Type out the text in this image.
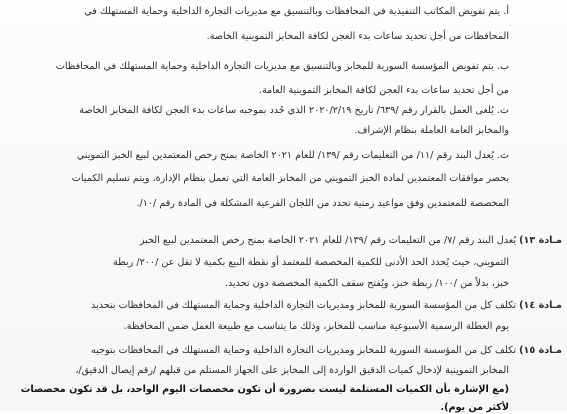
أ. يتم تفويض المكاتب التنفيذية في المحافظات وبالتنسيق مع مديريات التجارة الداخلية وحماية المستهلك في
المحافظات من أجل تحديد ساعات بدء العجن لكافة المخابز التموينية الخاصة.
ب. يتم تفويض المؤسسة السورية للمخابز وبالتنسيق مع مديريات التجارة الداخلية وحماية المستهلك في المحافظات
من أجل تحديد ساعات بدء العجن لكافة المخابز التموينية العامة.
ت. يُلغى العمل بالقرار رقم /٦٣٩/ تاريخ ٢٠٢٠/٢/١٩ الذي حُدد بموجبه ساعات بدء العجن لكافة المخابز الخاصة
والمخابز العامة العاملة بنظام الإشراف.
ث. يُعدل البند رقم /١١/ من التعليمات رقم /١٣٩/ للعام ٢٠٢١ الخاصة بمنح رخص المعتمدين لبيع الخبز التمويني
بحصر موافقات المعتمدين لمادة الخبز التمويني من المخابز العامة التي تعمل بنظام الإدارة، ويتم تسليم الكميات
المخصصة للمعتمدين وفق مواعيد زمنية تحدد من اللجان الفرعية المشكلة في المادة رقم /١٠/.
مـادة ١٣) يُعدل البند رقم /٧/ من التعليمات رقم /١٣٩/ للعام ٢٠٢١ الخاصة بمنح رخص المعتمدين لبيع الخبز
التمويني، حيث يُحدد الحد الأدنى للكمية المخصصة للمعتمد أو نقطة البيع بكمية لا تقل عن /٢٠٠/ ربطة
خبز، بدلاً من /١٠٠/ ربطة خبز، ويُفتح سقف الكمية المخصصة دون تحديد.
مـادة ١٤) تكلف كل من المؤسسة السورية للمخابز ومديريات التجارة الداخلية وحماية المستهلك في المحافظات بتحديد
يوم العطلة الرسمية الأسبوعية مناسب للمخابز، وذلك ما يتناسب مع طبيعة العمل ضمن المحافظة.
مـادة ١٥) تكلف كل من المؤسسة السورية للمخابز ومديريات التجارة الداخلية وحماية المستهلك في المحافظات بتوجيه
المخابز التموينية لإدخال كميات الدقيق الواردة إلى المخابز على الجهاز المستلم من قبلهم /رقم إيصال الدقيق/،
(مع الإشارة بأن الكميات المستلمة ليست بضرورة أن تكون مخصصات اليوم الواحد، بل قد تكون مخصصات
لأكثر من يوم).
